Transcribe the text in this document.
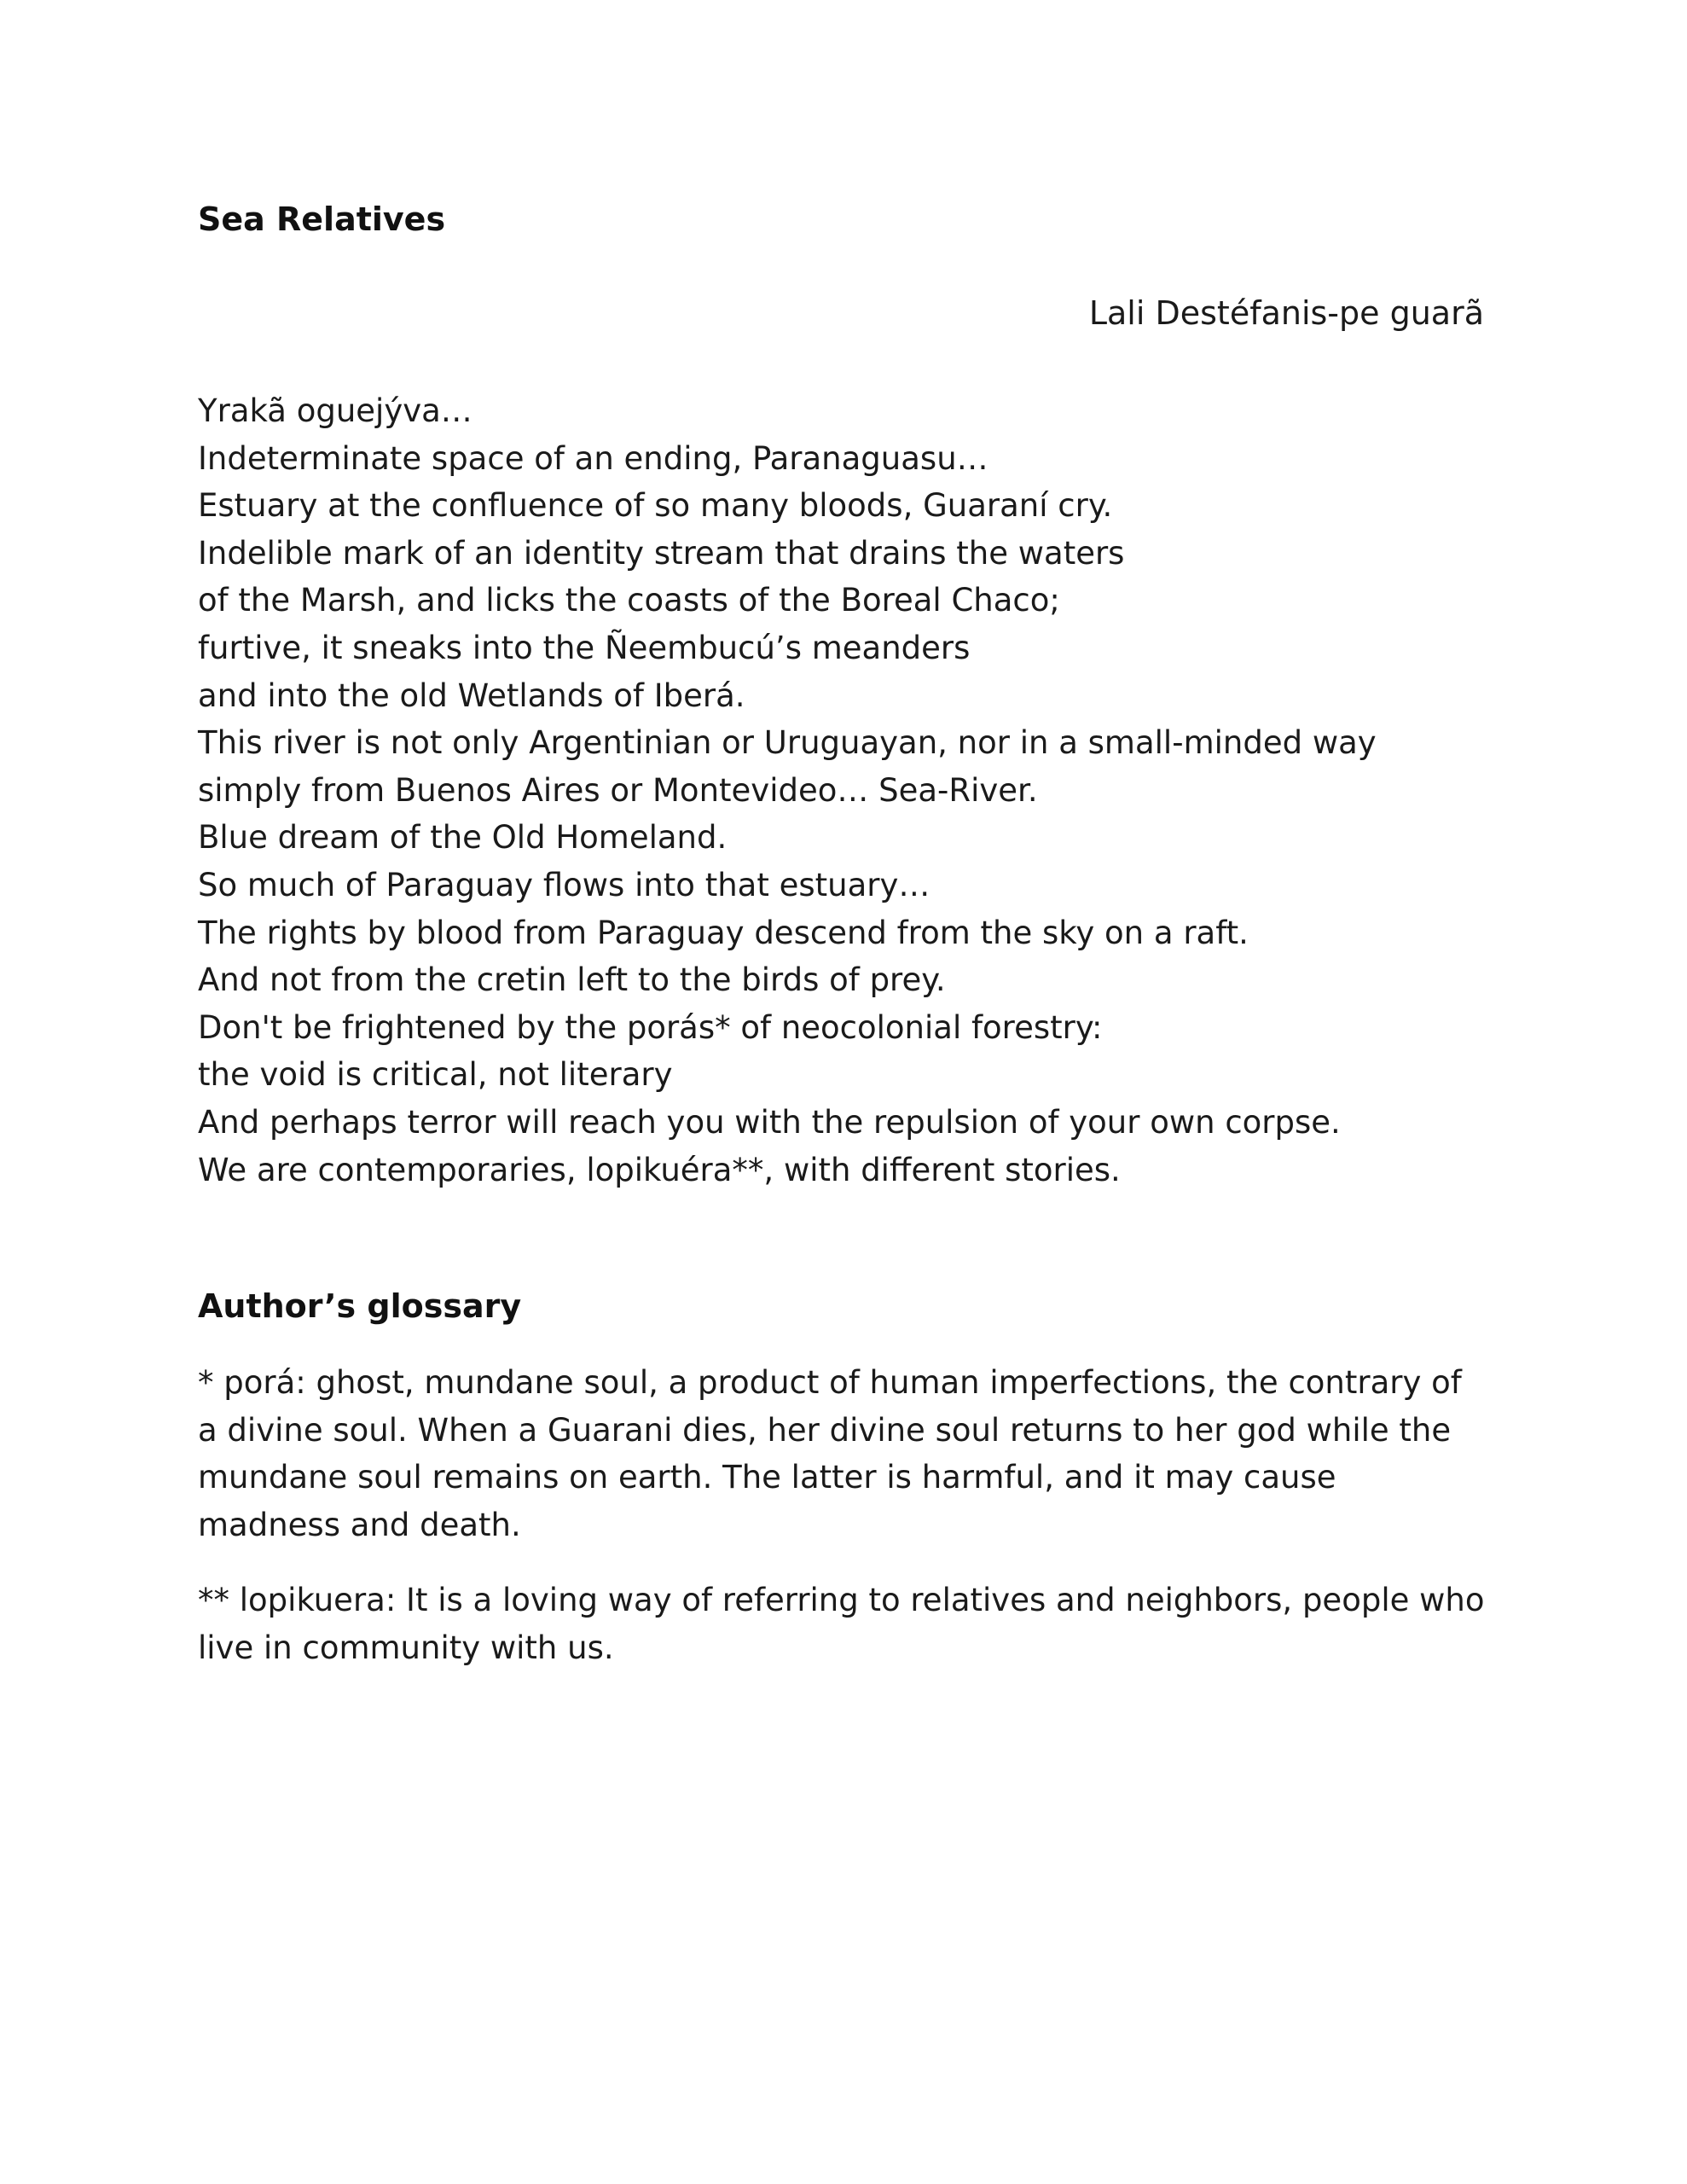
Sea Relatives

Lali Destéfanis-pe guarã

Yrakã oguejýva…
Indeterminate space of an ending, Paranaguasu…
Estuary at the confluence of so many bloods, Guaraní cry.
Indelible mark of an identity stream that drains the waters
of the Marsh, and licks the coasts of the Boreal Chaco;
furtive, it sneaks into the Ñeembucú’s meanders
and into the old Wetlands of Iberá.
This river is not only Argentinian or Uruguayan, nor in a small-minded way
simply from Buenos Aires or Montevideo… Sea-River.
Blue dream of the Old Homeland.
So much of Paraguay flows into that estuary…
The rights by blood from Paraguay descend from the sky on a raft.
And not from the cretin left to the birds of prey.
Don't be frightened by the porás* of neocolonial forestry:
the void is critical, not literary
And perhaps terror will reach you with the repulsion of your own corpse.
We are contemporaries, lopikuéra**, with different stories.
Author’s glossary

* porá: ghost, mundane soul, a product of human imperfections, the contrary of a divine soul. When a Guarani dies, her divine soul returns to her god while the mundane soul remains on earth. The latter is harmful, and it may cause madness and death.

** lopikuera: It is a loving way of referring to relatives and neighbors, people who live in community with us.
